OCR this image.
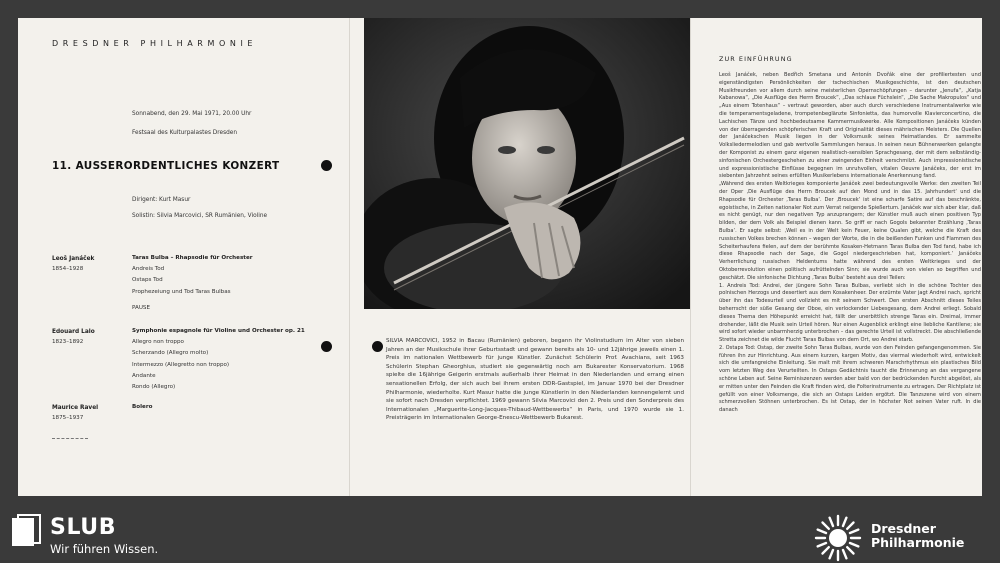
DRESDNER PHILHARMONIE
Sonnabend, den 29. Mai 1971, 20.00 Uhr
Festsaal des Kulturpalastes Dresden
11. AUSSERORDENTLICHES KONZERT
Dirigent: Kurt Masur
Solistin: Silvia Marcovici, SR Rumänien, Violine
Leoš Janáček
1854–1928
Taras Bulba – Rhapsodie für Orchester
Andreis Tod
Ostaps Tod
Prophezeiung und Tod Taras Bulbas
PAUSE
Edouard Lalo
1823–1892
Symphonie espagnole für Violine und Orchester op. 21
Allegro non troppo
Scherzando (Allegro molto)
Intermezzo (Allegretto non troppo)
Andante
Rondo (Allegro)
Maurice Ravel
1875–1937
Bolero
SILVIA MARCOVICI, 1952 in Bacau (Rumänien) geboren, begann ihr Violinstudium im Alter von sieben Jahren an der Musikschule ihrer Geburtsstadt und gewann bereits als 10- und 12jährige jeweils einen 1. Preis im nationalen Wettbewerb für junge Künstler. Zunächst Schülerin Prof. Avachians, seit 1963 Schülerin Stephan Gheorghius, studiert sie gegenwärtig noch am Bukarester Konservatorium. 1968 spielte die 16jährige Geigerin erstmals außerhalb ihrer Heimat in den Niederlanden und errang einen sensationellen Erfolg, der sich auch bei ihrem ersten DDR-Gastspiel, im Januar 1970 bei der Dresdner Philharmonie, wiederholte. Kurt Masur hatte die junge Künstlerin in den Niederlanden kennengelernt und sie sofort nach Dresden verpflichtet. 1969 gewann Silvia Marcovici den 2. Preis und den Sonderpreis des Internationalen „Marguerite-Long-Jacques-Thibaud-Wettbewerbs“ in Paris, und 1970 wurde sie 1. Preisträgerin im Internationalen George-Enescu-Wettbewerb Bukarest.
ZUR EINFÜHRUNG

Leoš Janáček, neben Bedřich Smetana und Antonín Dvořák eine der profiliertesten und eigenständigsten Persönlichkeiten der tschechischen Musikgeschichte, ist den deutschen Musikfreunden vor allem durch seine meisterlichen Opernschöpfungen – darunter „Jenufa“, „Katja Kabanowa“, „Die Ausflüge des Herrn Broucek“, „Das schlaue Füchslein“, „Die Sache Makropulos“ und „Aus einem Totenhaus“ – vertraut geworden, aber auch durch verschiedene Instrumentalwerke wie die temperamentsgeladene, trompetenbeglänzte Sinfonietta, das humorvolle Klavierconcertino, die Lachischen Tänze und hochbedeutsame Kammermusikwerke. Alle Kompositionen Janáčeks künden von der überragenden schöpferischen Kraft und Originalität dieses mährischen Meisters. Die Quellen der Janáčekschen Musik liegen in der Volksmusik seines Heimatlandes. Er sammelte Volksliedermelodien und gab wertvolle Sammlungen heraus. In seinen neun Bühnenwerken gelangte der Komponist zu einem ganz eigenen realistisch-sensiblen Sprachgesang, der mit dem selbständig-sinfonischen Orchestergeschehen zu einer zwingenden Einheit verschmilzt. Auch impressionistische und expressionistische Einflüsse begegnen im unruhvollen, vitalen Oeuvre Janáčeks, der erst im siebenten Jahrzehnt seines erfüllten Musikerlebens internationale Anerkennung fand.

„Während des ersten Weltkrieges komponierte Janáček zwei bedeutungsvolle Werke: den zweiten Teil der Oper ‚Die Ausflüge des Herrn Broucek auf den Mond und in das 15. Jahrhundert‘ und die Rhapsodie für Orchester ‚Taras Bulba‘. Der ‚Broucek‘ ist eine scharfe Satire auf das beschränkte, egoistische, in Zeiten nationaler Not zum Verrat neigende Spießertum. Janáček war sich aber klar, daß es nicht genügt, nur den negativen Typ anzuprangern; der Künstler muß auch einen positiven Typ bilden, der dem Volk als Beispiel dienen kann. So griff er nach Gogols bekannter Erzählung ‚Taras Bulba‘. Er sagte selbst: ‚Weil es in der Welt kein Feuer, keine Qualen gibt, welche die Kraft des russischen Volkes brechen können – wegen der Worte, die in die beißenden Funken und Flammen des Scheiterhaufens fielen, auf dem der berühmte Kosaken-Hetmann Taras Bulba den Tod fand, habe ich diese Rhapsodie nach der Sage, die Gogol niedergeschrieben hat, komponiert.‘ Janáčeks Verherrlichung russischen Heldentums hatte während des ersten Weltkrieges und der Oktoberrevolution einen politisch aufrüttelnden Sinn; sie wurde auch von vielen so begriffen und geschätzt. Die sinfonische Dichtung ‚Taras Bulba‘ besteht aus drei Teilen:

1. Andreis Tod: Andrei, der jüngere Sohn Taras Bulbas, verliebt sich in die schöne Tochter des polnischen Herzogs und desertiert aus dem Kosakenheer. Der erzürnte Vater jagt Andrei nach, spricht über ihn das Todesurteil und vollzieht es mit seinem Schwert. Den ersten Abschnitt dieses Teiles beherrscht der süße Gesang der Oboe, ein verlockender Liebesgesang, dem Andrei erliegt. Sobald dieses Thema den Höhepunkt erreicht hat, fällt der unerbittlich strenge Taras ein. Dreimal, immer drohender, läßt die Musik sein Urteil hören. Nur einen Augenblick erklingt eine liebliche Kantilene; sie wird sofort wieder unbarmherzig unterbrochen – das gerechte Urteil ist vollstreckt. Die abschließende Stretta zeichnet die wilde Flucht Taras Bulbas von dem Ort, wo Andrei starb.

2. Ostaps Tod: Ostap, der zweite Sohn Taras Bulbas, wurde von den Feinden gefangengenommen. Sie führen ihn zur Hinrichtung. Aus einem kurzen, kargen Motiv, das viermal wiederholt wird, entwickelt sich die umfangreiche Einleitung. Sie malt mit ihrem schweren Marschrhythmus ein plastisches Bild vom letzten Weg des Verurteilten. In Ostaps Gedächtnis taucht die Erinnerung an das vergangene schöne Leben auf. Seine Reminiszenzen werden aber bald von der bedrückenden Furcht abgelöst, als er mitten unter den Feinden die Kraft finden wird, die Folterinstrumente zu ertragen. Der Richtplatz ist gefüllt von einer Volksmenge, die sich an Ostaps Leiden ergötzt. Die Tanzszene wird von einem schmerzvollen Stöhnen unterbrochen. Es ist Ostap, der in höchster Not seinen Vater ruft. In die danach

SLUB
Wir führen Wissen.
Dresdner
Philharmonie
